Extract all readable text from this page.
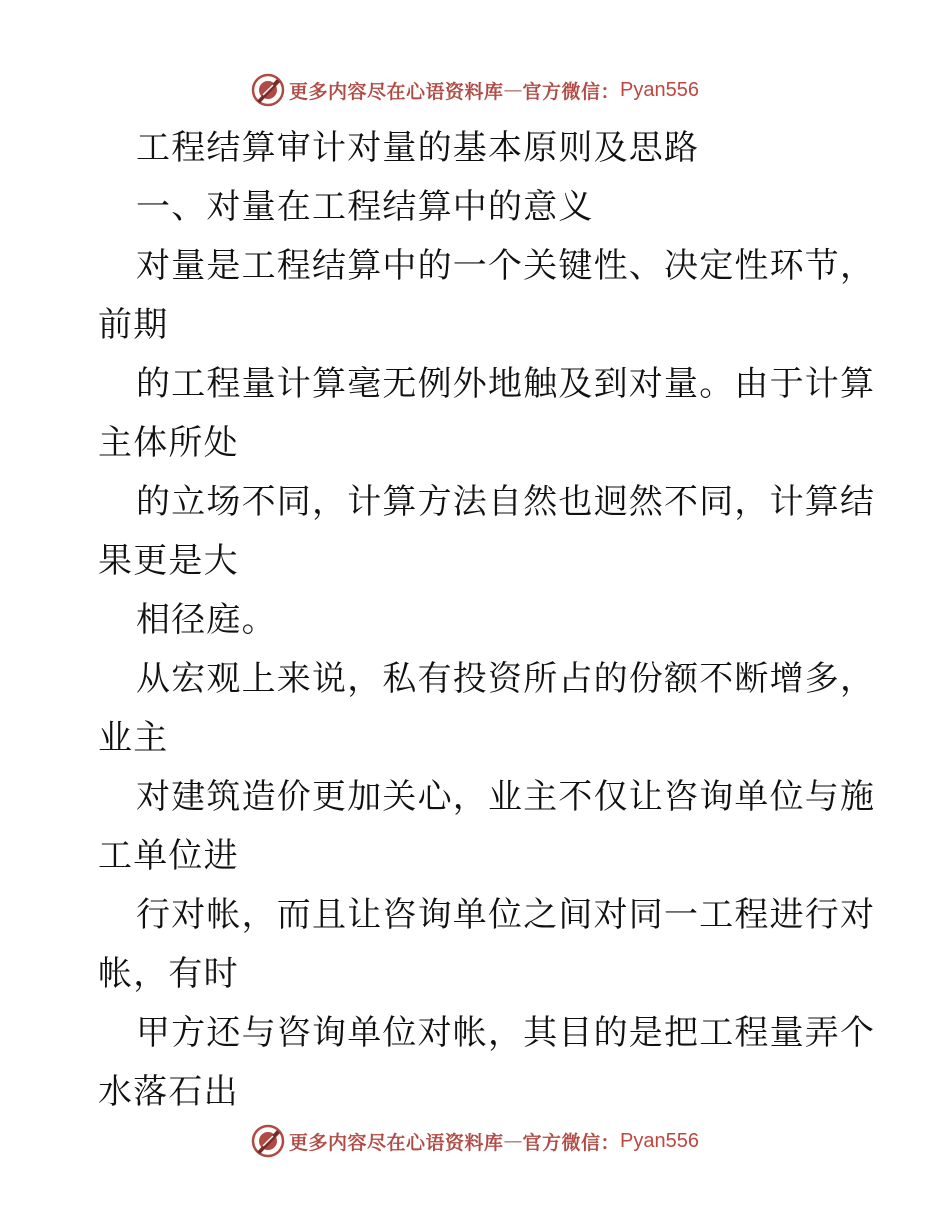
更多内容尽在心语资料库 — 官方微信： Pyan556
工程结算审计对量的基本原则及思路
一、对量在工程结算中的意义
对量是工程结算中的一个关键性、决定性环节，
前期
的工程量计算毫无例外地触及到对量。由于计算
主体所处
的立场不同，计算方法自然也迥然不同，计算结
果更是大
相径庭。
从宏观上来说，私有投资所占的份额不断增多，
业主
对建筑造价更加关心，业主不仅让咨询单位与施
工单位进
行对帐，而且让咨询单位之间对同一工程进行对
帐，有时
甲方还与咨询单位对帐，其目的是把工程量弄个
水落石出
更多内容尽在心语资料库 — 官方微信： Pyan556
